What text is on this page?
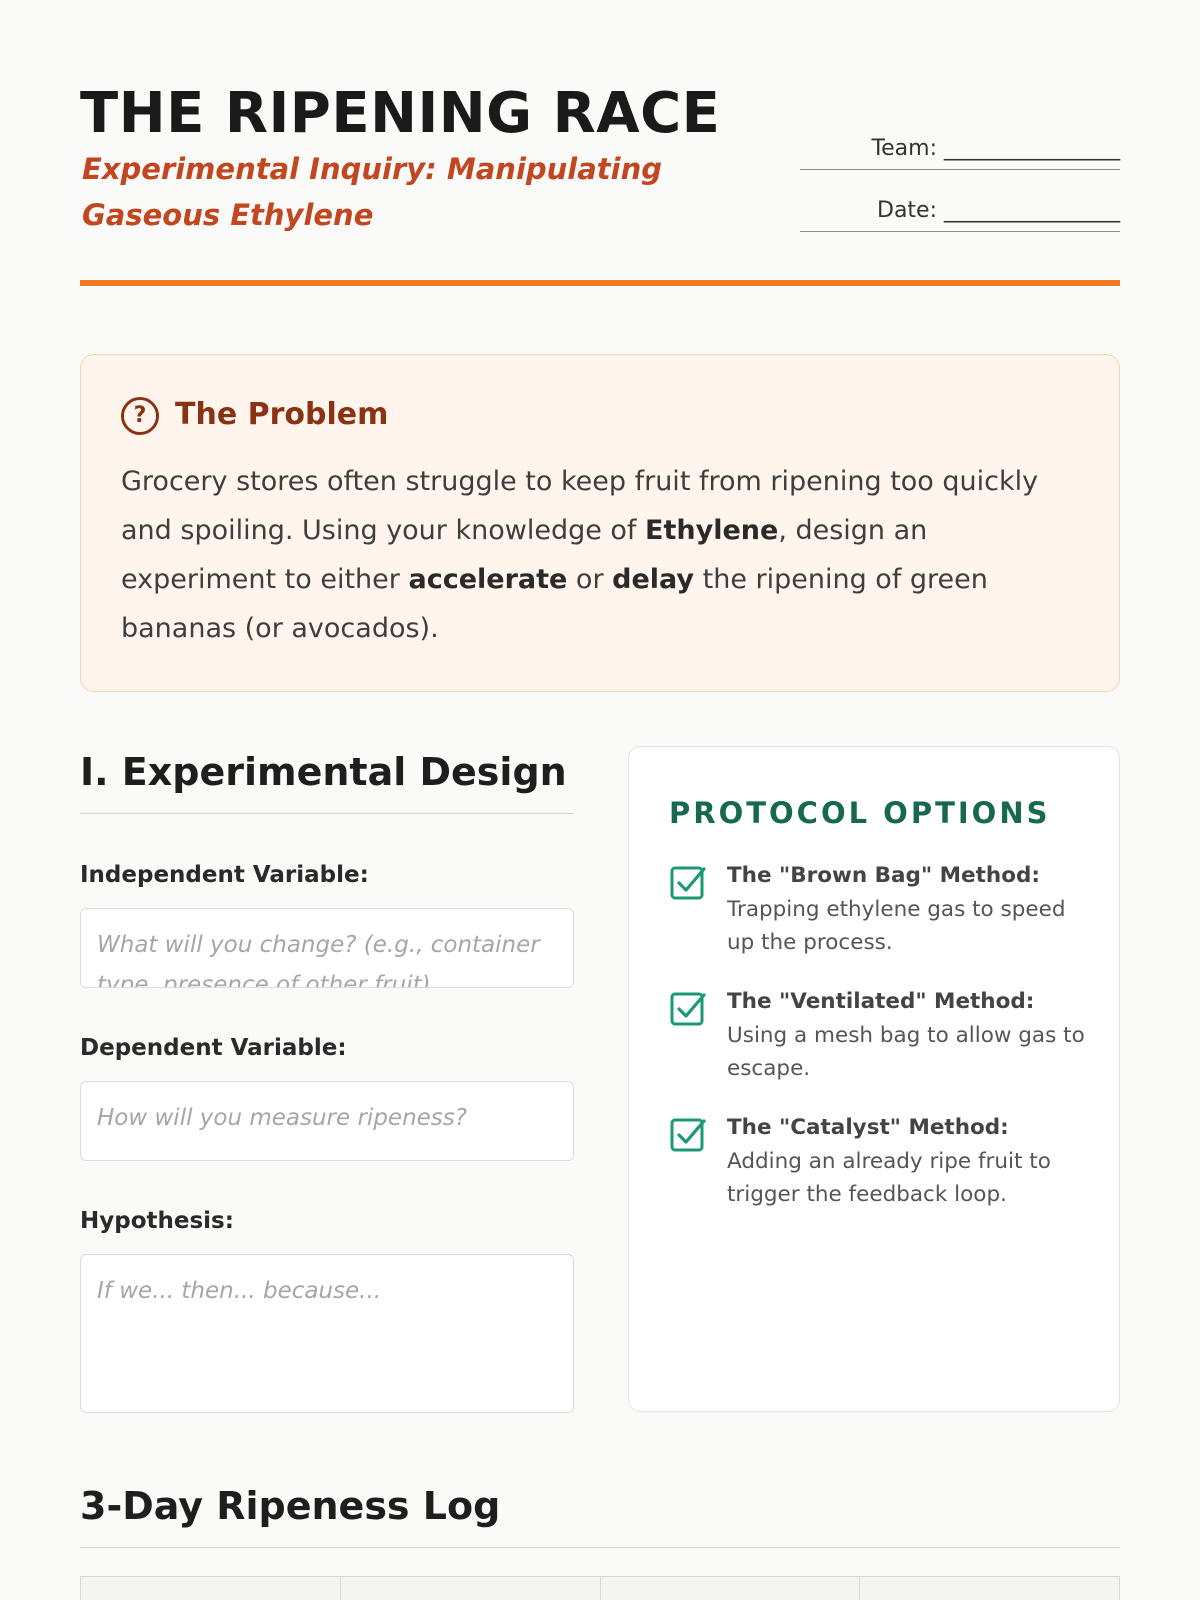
THE RIPENING RACE
Experimental Inquiry: Manipulating Gaseous Ethylene
Team: ________________
Date: ________________
? The Problem

Grocery stores often struggle to keep fruit from ripening too quickly and spoiling. Using your knowledge of Ethylene, design an experiment to either accelerate or delay the ripening of green bananas (or avocados).

I. Experimental Design
Independent Variable:
What will you change? (e.g., container type, presence of other fruit)
Dependent Variable:
How will you measure ripeness?
Hypothesis:
If we... then... because...
PROTOCOL OPTIONS
The "Brown Bag" Method: Trapping ethylene gas to speed up the process.
The "Ventilated" Method: Using a mesh bag to allow gas to escape.
The "Catalyst" Method: Adding an already ripe fruit to trigger the feedback loop.
3-Day Ripeness Log
